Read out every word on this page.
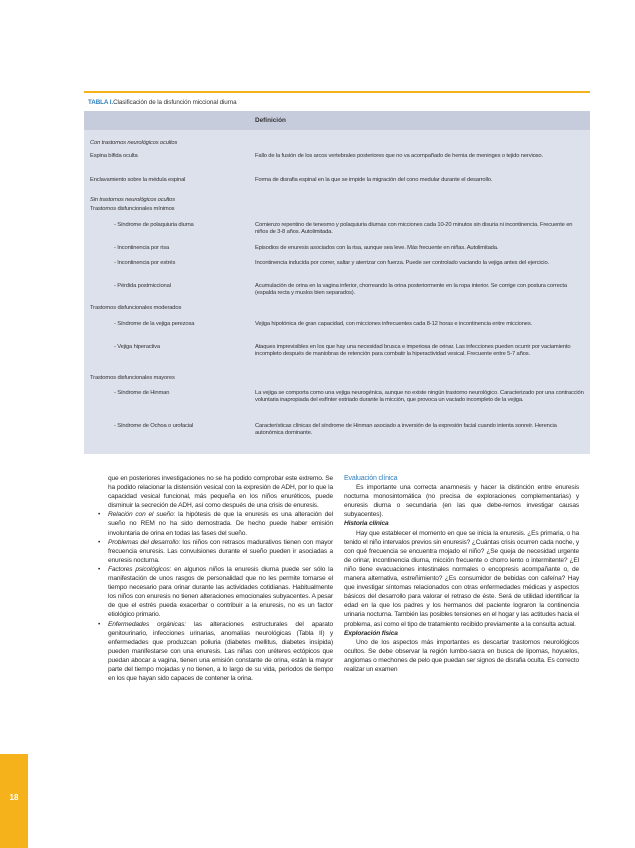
TABLA I.Clasificación de la disfunción miccional diurna
Definición
Con trastornos neurológicos ocultos
Espina bífida oculta	Fallo de la fusión de los arcos vertebrales posteriores que no va acompañado de hernia de meninges o tejido nervioso.
Enclavamiento sobre la médula espinal	Forma de disrafia espinal en la que se impide la migración del cono medular durante el desarrollo.
Sin trastornos neurológicos ocultos
Trastornos disfuncionales mínimos
- Síndrome de polaquiuria diurna	Comienzo repentino de tenesmo y polaquiuria diurnas con micciones cada 10-20 minutos sin disuria ni incontinencia. Frecuente en niños de 3-8 años. Autolimitada.
- Incontinencia por risa	Episodios de enuresis asociados con la risa, aunque sea leve. Más frecuente en niñas. Autolimitada.
- Incontinencia por estrés	Incontinencia inducida por correr, saltar y aterrizar con fuerza. Puede ser controlado vaciando la vejiga antes del ejercicio.
- Pérdida postmiccional	Acumulación de orina en la vagina inferior, chorreando la orina posteriormente en la ropa interior. Se corrige con postura correcta (espalda recta y muslos bien separados).
Trastornos disfuncionales moderados
- Síndrome de la vejiga perezosa	Vejiga hipotónica de gran capacidad, con micciones infrecuentes cada 8-12 horas e incontinencia entre micciones.
- Vejiga hiperactiva	Ataques imprevisibles en los que hay una necesidad brusca e imperiosa de orinar. Las infecciones pueden ocurrir por vaciamiento incompleto después de maniobras de retención para combatir la hiperactividad vesical. Frecuente entre 5-7 años.
Trastornos disfuncionales mayores
- Síndrome de Hinman	La vejiga se comporta como una vejiga neurogénica, aunque no existe ningún trastorno neurológico. Caracterizado por una contracción voluntaria inapropiada del esfínter estriado durante la micción, que provoca un vaciado incompleto de la vejiga.
- Síndrome de Ochoa o urofacial	Características clínicas del síndrome de Hinman asociado a inversión de la expresión facial cuando intenta sonreír. Herencia autonómica dominante.

que en posteriores investigaciones no se ha podido comprobar este extremo. Se ha podido relacionar la distensión vesical con la expresión de ADH, por lo que la capacidad vesical funcional, más pequeña en los niños enuréticos, puede disminuir la secreción de ADH, así como después de una crisis de enuresis.

• Relación con el sueño: la hipótesis de que la enuresis es una alteración del sueño no REM no ha sido demostrada. De hecho puede haber emisión involuntaria de orina en todas las fases del sueño.

• Problemas del desarrollo: los niños con retrasos madurativos tienen con mayor frecuencia enuresis. Las convulsiones durante el sueño pueden ir asociadas a enuresis nocturna.

• Factores psicológicos: en algunos niños la enuresis diurna puede ser sólo la manifestación de unos rasgos de personalidad que no les permite tomarse el tiempo necesario para orinar durante las actividades cotidianas. Habitualmente los niños con enuresis no tienen alteraciones emocionales subyacentes. A pesar de que el estrés pueda exacerbar o contribuir a la enuresis, no es un factor etiológico primario.

• Enfermedades orgánicas: las alteraciones estructurales del aparato genitourinario, infecciones urinarias, anomalías neurológicas (Tabla II) y enfermedades que produzcan poliuria (diabetes mellitus, diabetes insípida) pueden manifestarse con una enuresis. Las niñas con uréteres ectópicos que puedan abocar a vagina, tienen una emisión constante de orina, están la mayor parte del tiempo mojadas y no tienen, a lo largo de su vida, períodos de tiempo en los que hayan sido capaces de contener la orina.

Evaluación clínica

Es importante una correcta anamnesis y hacer la distinción entre enuresis nocturna monosintomática (no precisa de exploraciones complementarias) y enuresis diurna o secundaria (en las que debe-remos investigar causas subyacentes).

Historia clínica

Hay que establecer el momento en que se inicia la enuresis. ¿Es primaria, o ha tenido el niño intervalos previos sin enuresis? ¿Cuántas crisis ocurren cada noche, y con qué frecuencia se encuentra mojado el niño? ¿Se queja de necesidad urgente de orinar, incontinencia diurna, micción frecuente o chorro lento o intermitente? ¿El niño tiene evacuaciones intestinales normales o encopresis acompañante o, de manera alternativa, estreñimiento? ¿Es consumidor de bebidas con cafeína? Hay que investigar síntomas relacionados con otras enfermedades médicas y aspectos básicos del desarrollo para valorar el retraso de éste. Será de utilidad identificar la edad en la que los padres y los hermanos del paciente lograron la continencia urinaria nocturna. También las posibles tensiones en el hogar y las actitudes hacia el problema, así como el tipo de tratamiento recibido previamente a la consulta actual.

Exploración física

Uno de los aspectos más importantes es descartar trastornos neurológicos ocultos. Se debe observar la región lumbo-sacra en busca de lipomas, hoyuelos, angiomas o mechones de pelo que puedan ser signos de disrafia oculta. Es correcto realizar un examen

18
